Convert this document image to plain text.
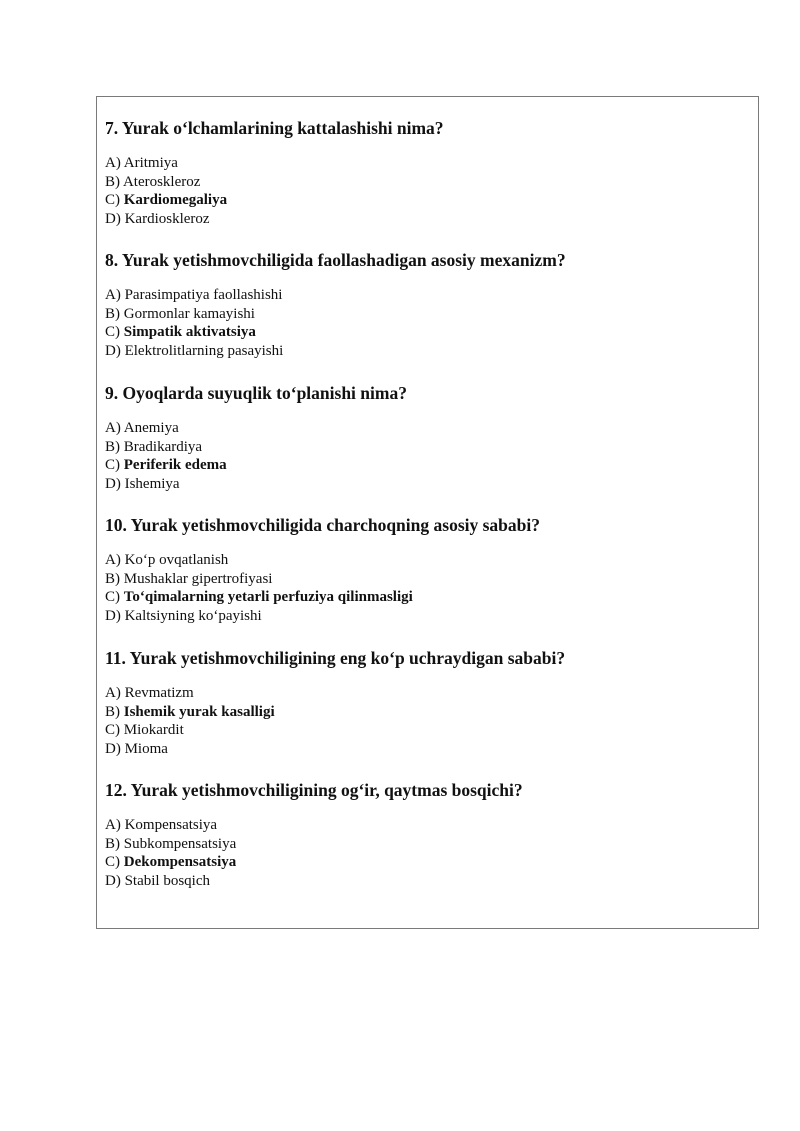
7. Yurak o‘lchamlarining kattalashishi nima?
A) Aritmiya
B) Ateroskleroz
C) Kardiomegaliya
D) Kardioskleroz
8. Yurak yetishmovchiligida faollashadigan asosiy mexanizm?
A) Parasimpatiya faollashishi
B) Gormonlar kamayishi
C) Simpatik aktivatsiya
D) Elektrolitlarning pasayishi
9. Oyoqlarda suyuqlik to‘planishi nima?
A) Anemiya
B) Bradikardiya
C) Periferik edema
D) Ishemiya
10. Yurak yetishmovchiligida charchoqning asosiy sababi?
A) Ko‘p ovqatlanish
B) Mushaklar gipertrofiyasi
C) To‘qimalarning yetarli perfuziya qilinmasligi
D) Kaltsiyning ko‘payishi
11. Yurak yetishmovchiligining eng ko‘p uchraydigan sababi?
A) Revmatizm
B) Ishemik yurak kasalligi
C) Miokardit
D) Mioma
12. Yurak yetishmovchiligining og‘ir, qaytmas bosqichi?
A) Kompensatsiya
B) Subkompensatsiya
C) Dekompensatsiya
D) Stabil bosqich
